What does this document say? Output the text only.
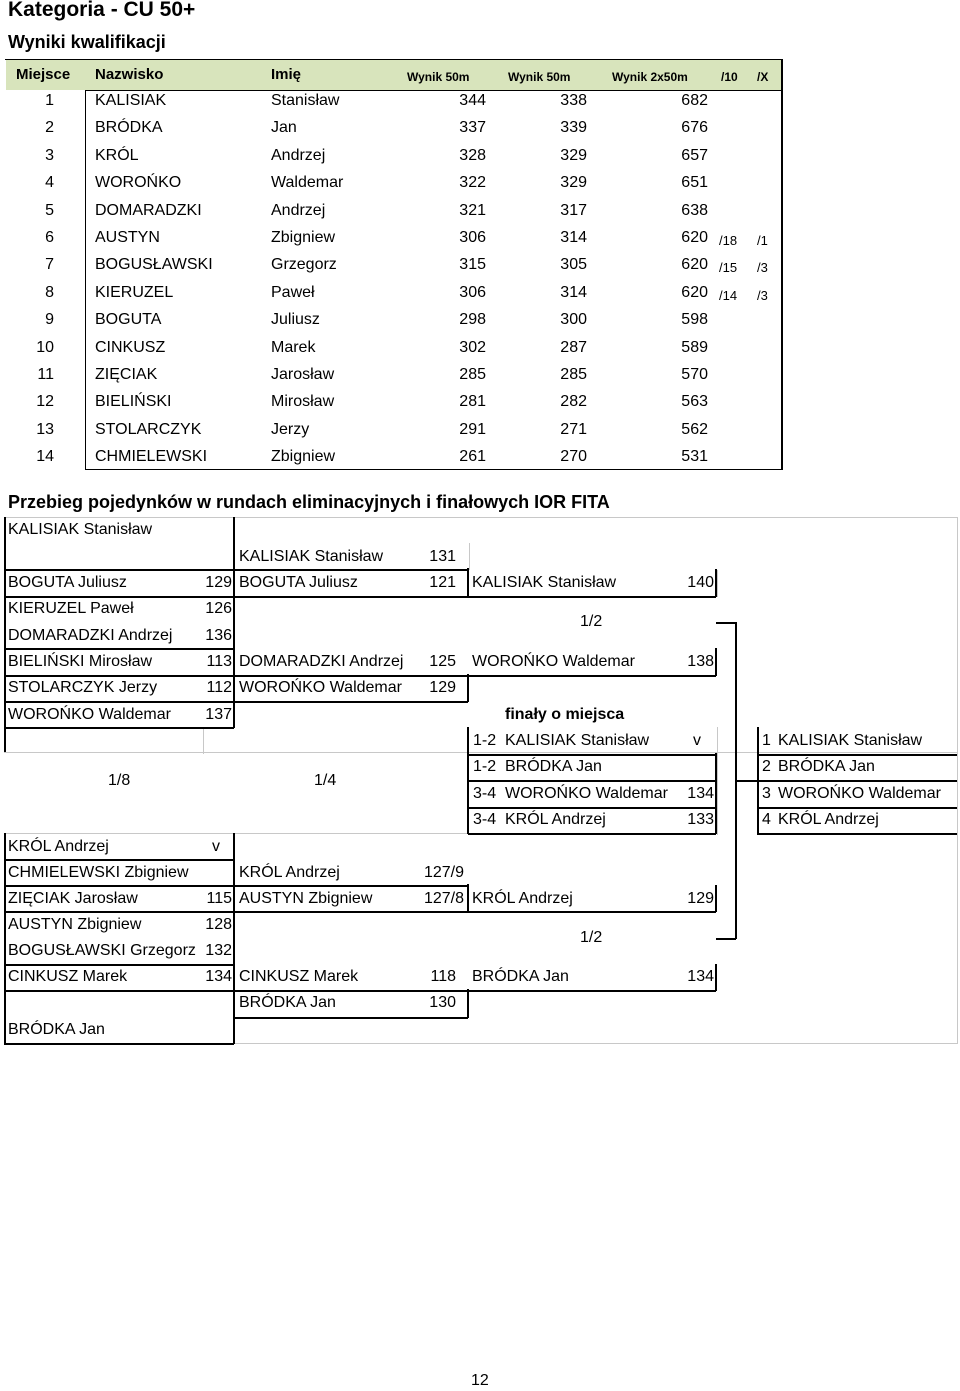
Kategoria - CU 50+
Wyniki kwalifikacji
Miejsce Nazwisko	Imię	Wynik 50m	Wynik 50m	Wynik 2x50m	/10 /X
1	KALISIAK	Stanisław	344	338	682
2	BRÓDKA	Jan	337	339	676
3	KRÓL	Andrzej	328	329	657
4	WOROŃKO	Waldemar	322	329	651
5	DOMARADZKI	Andrzej	321	317	638
6	AUSTYN	Zbigniew	306	314	620 /18 /1
7	BOGUSŁAWSKI	Grzegorz	315	305	620 /15 /3
8	KIERUZEL	Paweł	306	314	620 /14 /3
9	BOGUTA	Juliusz	298	300	598
10	CINKUSZ	Marek	302	287	589
11	ZIĘCIAK	Jarosław	285	285	570
12	BIELIŃSKI	Mirosław	281	282	563
13	STOLARCZYK	Jerzy	291	271	562
14	CHMIELEWSKI	Zbigniew	261	270	531
Przebieg pojedynków w rundach eliminacyjnych i finałowych IOR FITA
KALISIAK Stanisław
BOGUTA Juliusz	129
KIERUZEL Paweł	126
DOMARADZKI Andrzej	136
BIELIŃSKI Mirosław	113
STOLARCZYK Jerzy	112
WOROŃKO Waldemar	137
KRÓL Andrzej	v
CHMIELEWSKI Zbigniew
ZIĘCIAK Jarosław	115
AUSTYN Zbigniew	128
BOGUSŁAWSKI Grzegorz 132
CINKUSZ Marek	134
BRÓDKA Jan
KALISIAK Stanisław	131
BOGUTA Juliusz	121
DOMARADZKI Andrzej	125
WOROŃKO Waldemar	129
KRÓL Andrzej	127/9
AUSTYN Zbigniew	127/8
CINKUSZ Marek	118
BRÓDKA Jan	130
KALISIAK Stanisław	140
WOROŃKO Waldemar	138
KRÓL Andrzej	129
BRÓDKA Jan	134
1/2
1/2
1/8	1/4
finały o miejsca
1-2 KALISIAK Stanisław	v
1-2 BRÓDKA Jan
3-4 WOROŃKO Waldemar	134
3-4 KRÓL Andrzej	133
1 KALISIAK Stanisław
2 BRÓDKA Jan
3 WOROŃKO Waldemar
4 KRÓL Andrzej
12
